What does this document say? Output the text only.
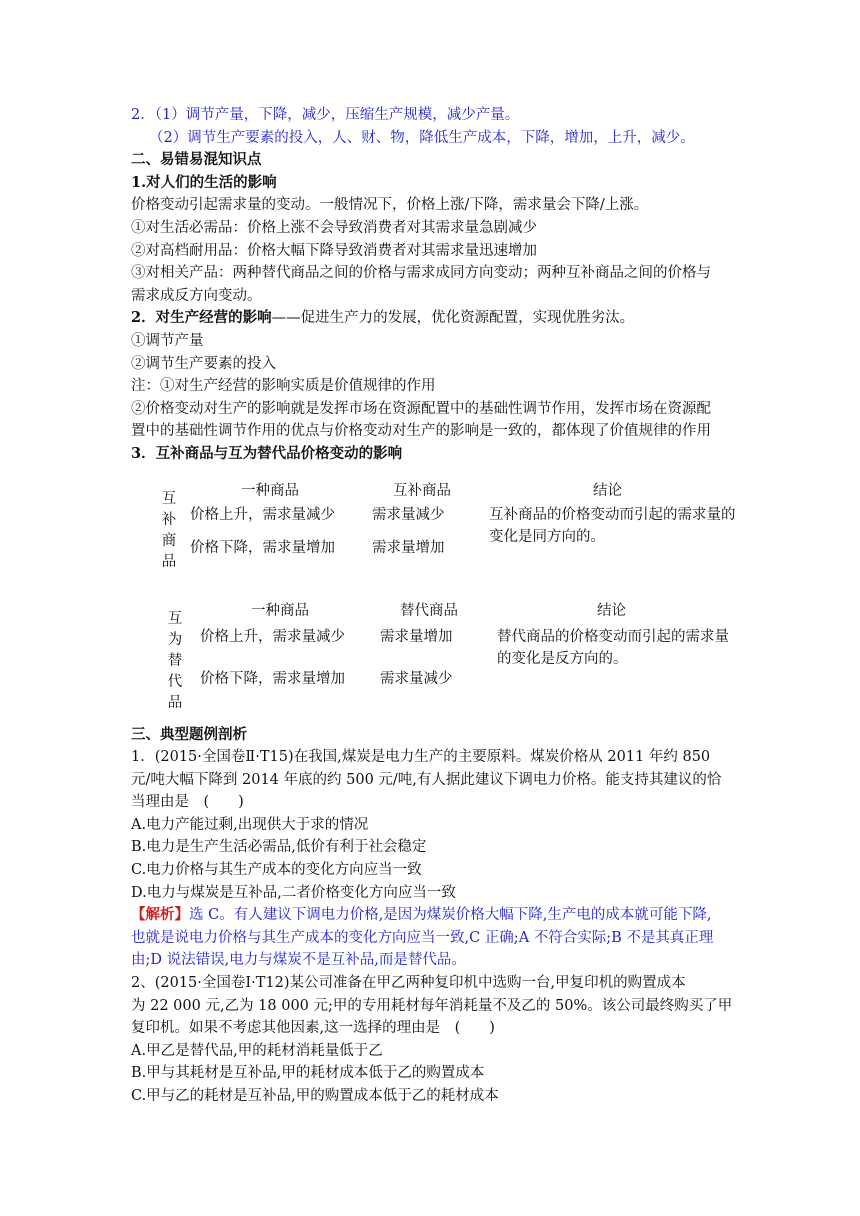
2．（1）调节产量，下降，减少，压缩生产规模，减少产量。
（2）调节生产要素的投入，人、财、物，降低生产成本，下降，增加，上升，减少。
二、易错易混知识点
1.对人们的生活的影响
价格变动引起需求量的变动。一般情况下，价格上涨/下降，需求量会下降/上涨。
①对生活必需品：价格上涨不会导致消费者对其需求量急剧减少
②对高档耐用品：价格大幅下降导致消费者对其需求量迅速增加
③对相关产品：两种替代商品之间的价格与需求成同方向变动；两种互补商品之间的价格与
需求成反方向变动。
2．对生产经营的影响——促进生产力的发展，优化资源配置，实现优胜劣汰。
①调节产量
②调节生产要素的投入
注：①对生产经营的影响实质是价值规律的作用
②价格变动对生产的影响就是发挥市场在资源配置中的基础性调节作用，发挥市场在资源配
置中的基础性调节作用的优点与价格变动对生产的影响是一致的，都体现了价值规律的作用
3．互补商品与互为替代品价格变动的影响
互补商品
一种商品	互补商品	结论
价格上升，需求量减少	需求量减少
价格下降，需求量增加	需求量增加
互补商品的价格变动而引起的需求量的变化是同方向的。
互为替代品
一种商品	替代商品	结论
价格上升，需求量减少 需求量增加
价格下降，需求量增加 需求量减少
替代商品的价格变动而引起的需求量的变化是反方向的。
三、典型题例剖析
1．(2015·全国卷Ⅱ·T15)在我国,煤炭是电力生产的主要原料。煤炭价格从 2011 年约 850
元/吨大幅下降到 2014 年底的约 500 元/吨,有人据此建议下调电力价格。能支持其建议的恰
当理由是　(　　)
A.电力产能过剩,出现供大于求的情况
B.电力是生产生活必需品,低价有利于社会稳定
C.电力价格与其生产成本的变化方向应当一致
D.电力与煤炭是互补品,二者价格变化方向应当一致
【解析】选 C。有人建议下调电力价格,是因为煤炭价格大幅下降,生产电的成本就可能下降,
也就是说电力价格与其生产成本的变化方向应当一致,C 正确;A 不符合实际;B 不是其真正理
由;D 说法错误,电力与煤炭不是互补品,而是替代品。
2、(2015·全国卷Ⅰ·T12)某公司准备在甲乙两种复印机中选购一台,甲复印机的购置成本
为 22 000 元,乙为 18 000 元;甲的专用耗材每年消耗量不及乙的 50%。该公司最终购买了甲
复印机。如果不考虑其他因素,这一选择的理由是　(　　)
A.甲乙是替代品,甲的耗材消耗量低于乙
B.甲与其耗材是互补品,甲的耗材成本低于乙的购置成本
C.甲与乙的耗材是互补品,甲的购置成本低于乙的耗材成本
